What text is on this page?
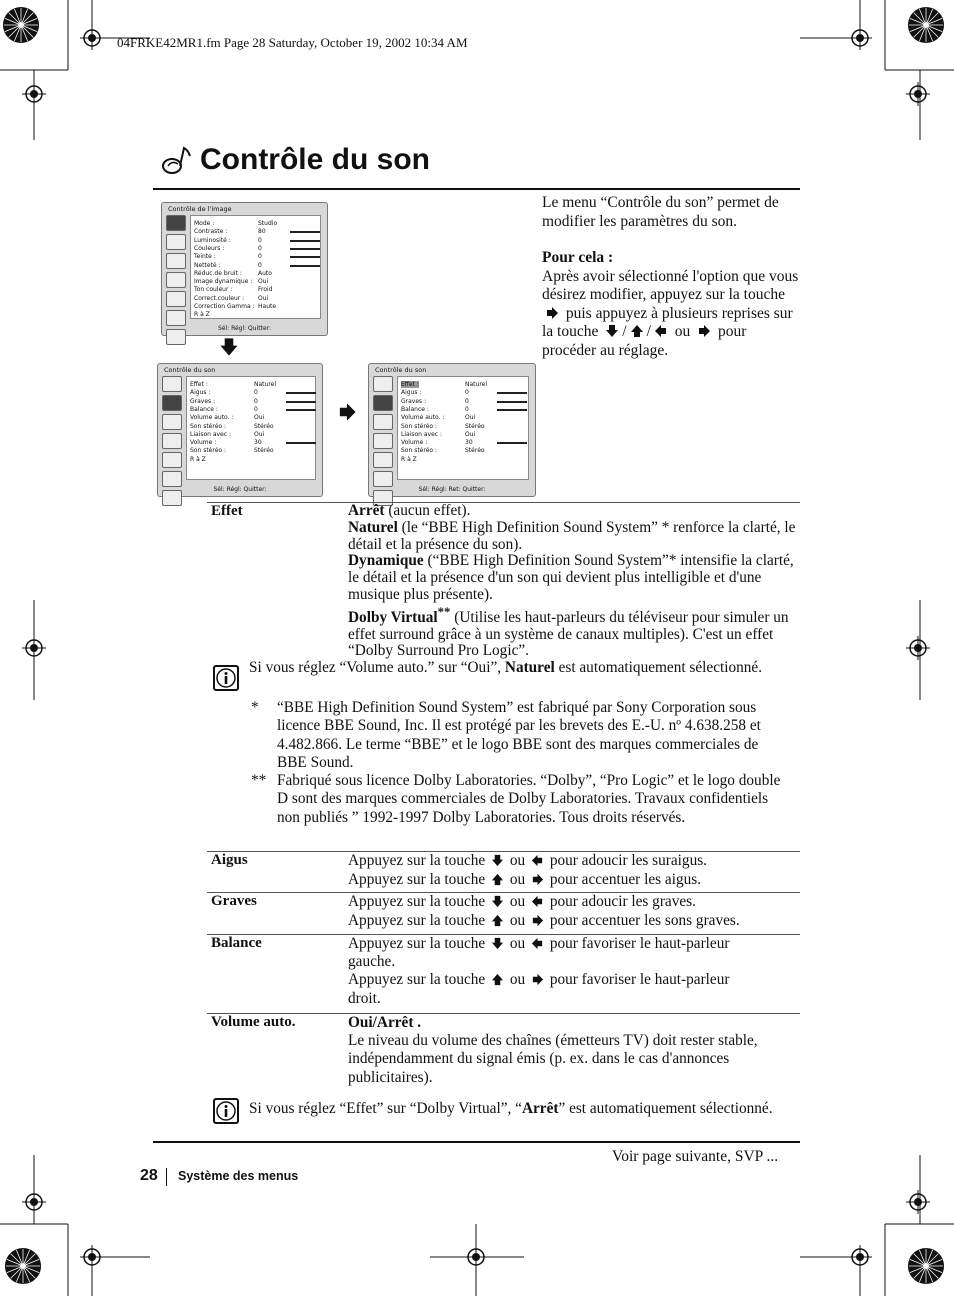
04FRKE42MR1.fm Page 28 Saturday, October 19, 2002 10:34 AM
Contrôle du son

Le menu “Contrôle du son” permet de modifier les paramètres du son.

Pour cela :
Après avoir sélectionné l'option que vous désirez modifier, appuyez sur la touche  puis appuyez à plusieurs reprises sur la touche / / ou pour procéder au réglage.
Contrôle de l'image
Mode :	Studio
Contraste :	80
Luminosité :	0
Couleurs :	0
Teinte :	0
Netteté :	0
Réduc.de bruit :	Auto
Image dynamique : Oui
Ton couleur :	Froid
Correct.couleur : Oui
Correction Gamma : Haute
R à Z
Sél: Régl: Quitter:
Contrôle du son
Effet :	Naturel
Aigus :	0
Graves :	0
Balance :	0
Volume auto. :	Oui
Son stéréo :	Stéréo
Liaison avec :	Oui
Volume :	30
Son stéréo :	Stéréo
R à Z
Sél: Régl: Quitter:
Contrôle du son
Effet :	Naturel
Aigus :	0
Graves :	0
Balance :	0
Volume auto. :	Oui
Son stéréo :	Stéréo
Liaison avec :	Oui
Volume :	30
Son stéréo :	Stéréo
R à Z
Sél: Régl: Ret: Quitter:
Effet	Arrêt (aucun effet).
Naturel (le “BBE High Definition Sound System” * renforce la clarté, le détail et la présence du son).
Dynamique (“BBE High Definition Sound System”* intensifie la clarté, le détail et la présence d'un son qui devient plus intelligible et d'une musique plus présente).
Dolby Virtual** (Utilise les haut-parleurs du téléviseur pour simuler un effet surround grâce à un système de canaux multiples). C'est un effet “Dolby Surround Pro Logic”.
Si vous réglez “Volume auto.” sur “Oui”, Naturel est automatiquement sélectionné.
* “BBE High Definition Sound System” est fabriqué par Sony Corporation sous licence BBE Sound, Inc. Il est protégé par les brevets des E.-U. nº 4.638.258 et 4.482.866. Le terme “BBE” et le logo BBE sont des marques commerciales de BBE Sound.
** Fabriqué sous licence Dolby Laboratories. “Dolby”, “Pro Logic” et le logo double D sont des marques commerciales de Dolby Laboratories. Travaux confidentiels non publiés ” 1992-1997 Dolby Laboratories. Tous droits réservés.
Aigus	Appuyez sur la touche ou pour adoucir les suraigus.
Appuyez sur la touche ou pour accentuer les aigus.
Graves	Appuyez sur la touche ou pour adoucir les graves.
Appuyez sur la touche ou pour accentuer les sons graves.
Balance	Appuyez sur la touche ou pour favoriser le haut-parleur
gauche.
Appuyez sur la touche ou pour favoriser le haut-parleur
droit.
Volume auto.	Oui/Arrêt .
Le niveau du volume des chaînes (émetteurs TV) doit rester stable, indépendamment du signal émis (p. ex. dans le cas d'annonces publicitaires).
Si vous réglez “Effet” sur “Dolby Virtual”, “Arrêt” est automatiquement sélectionné.
Voir page suivante, SVP ...
28 Système des menus
